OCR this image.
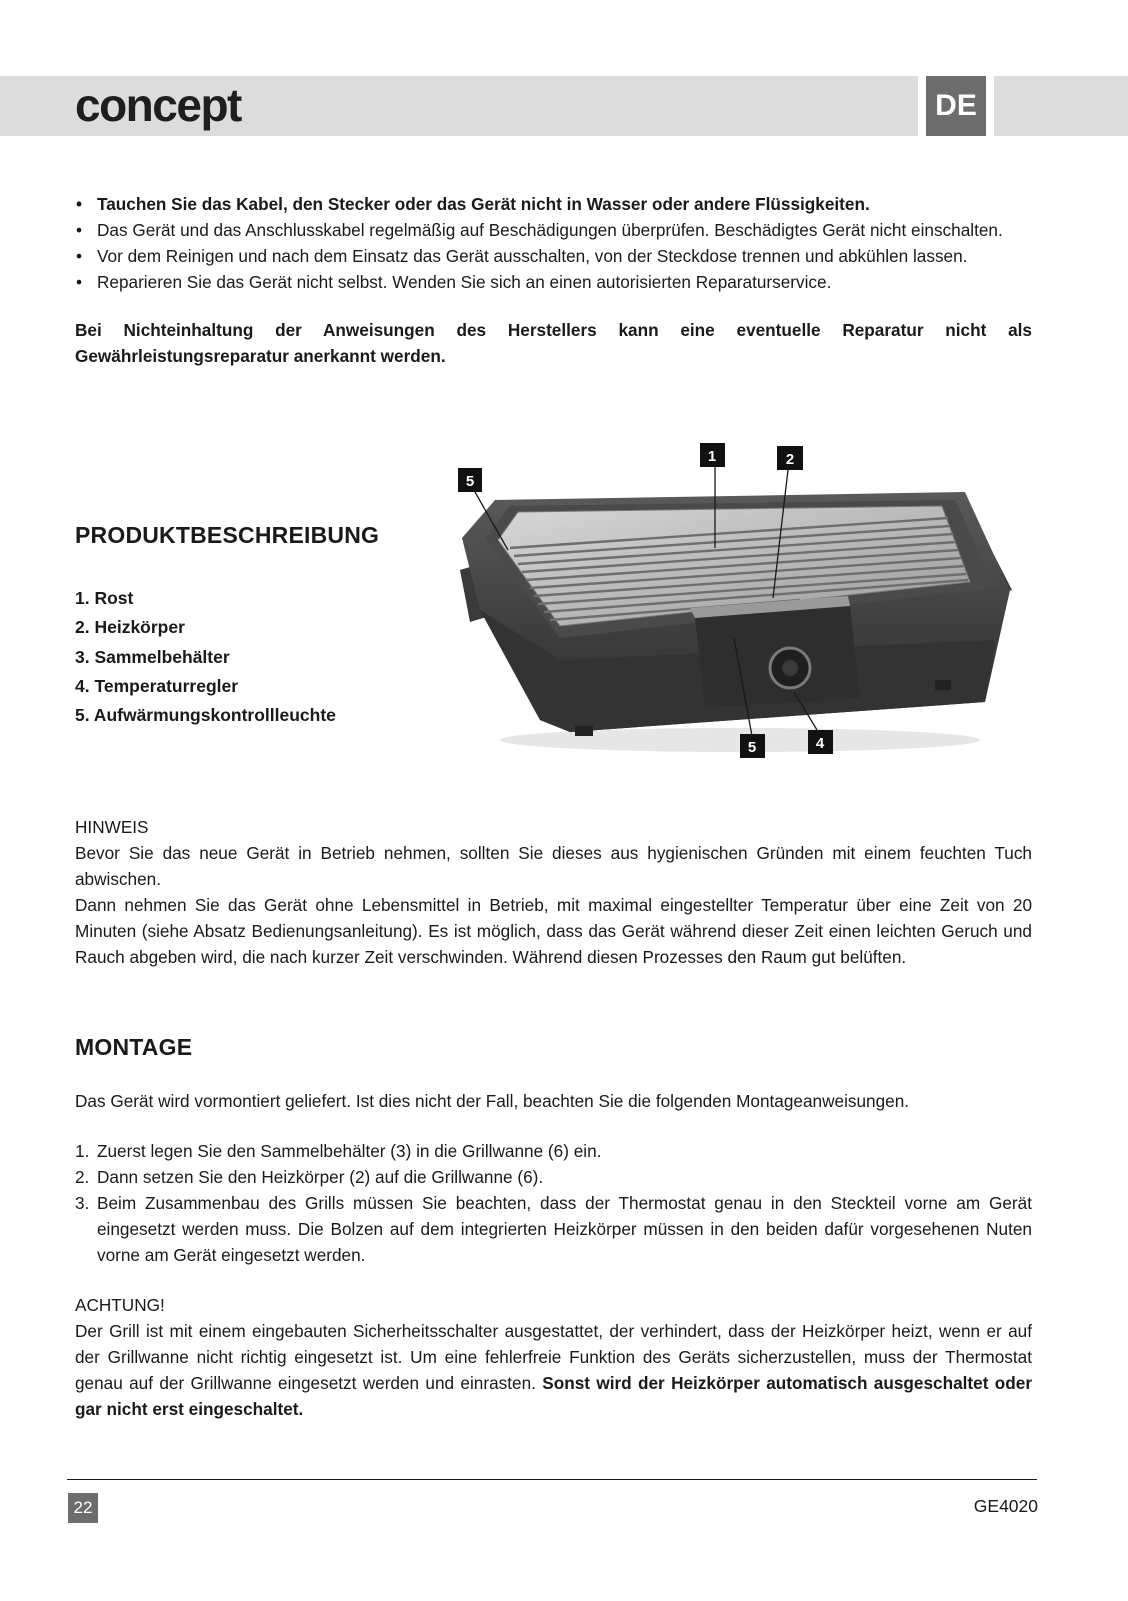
concept	DE
• Tauchen Sie das Kabel, den Stecker oder das Gerät nicht in Wasser oder andere Flüssigkeiten.
• Das Gerät und das Anschlusskabel regelmäßig auf Beschädigungen überprüfen. Beschädigtes Gerät nicht einschalten.
• Vor dem Reinigen und nach dem Einsatz das Gerät ausschalten, von der Steckdose trennen und abkühlen lassen.
• Reparieren Sie das Gerät nicht selbst. Wenden Sie sich an einen autorisierten Reparaturservice.
Bei Nichteinhaltung der Anweisungen des Herstellers kann eine eventuelle Reparatur nicht als Gewährleistungsreparatur anerkannt werden.
PRODUKTBESCHREIBUNG
1. Rost
2. Heizkörper
3. Sammelbehälter
4. Temperaturregler
5. Aufwärmungskontrollleuchte
5
1	2
5	4

HINWEIS

Bevor Sie das neue Gerät in Betrieb nehmen, sollten Sie dieses aus hygienischen Gründen mit einem feuchten Tuch abwischen.

Dann nehmen Sie das Gerät ohne Lebensmittel in Betrieb, mit maximal eingestellter Temperatur über eine Zeit von 20 Minuten (siehe Absatz Bedienungsanleitung). Es ist möglich, dass das Gerät während dieser Zeit einen leichten Geruch und Rauch abgeben wird, die nach kurzer Zeit verschwinden. Während diesen Prozesses den Raum gut belüften.

MONTAGE
Das Gerät wird vormontiert geliefert. Ist dies nicht der Fall, beachten Sie die folgenden Montageanweisungen.
1. Zuerst legen Sie den Sammelbehälter (3) in die Grillwanne (6) ein.
2. Dann setzen Sie den Heizkörper (2) auf die Grillwanne (6).
3. Beim Zusammenbau des Grills müssen Sie beachten, dass der Thermostat genau in den Steckteil vorne am Gerät eingesetzt werden muss. Die Bolzen auf dem integrierten Heizkörper müssen in den beiden dafür vorgesehenen Nuten vorne am Gerät eingesetzt werden.

ACHTUNG!

Der Grill ist mit einem eingebauten Sicherheitsschalter ausgestattet, der verhindert, dass der Heizkörper heizt, wenn er auf der Grillwanne nicht richtig eingesetzt ist. Um eine fehlerfreie Funktion des Geräts sicherzustellen, muss der Thermostat genau auf der Grillwanne eingesetzt werden und einrasten. Sonst wird der Heizkörper automatisch ausgeschaltet oder gar nicht erst eingeschaltet.

22	GE4020
